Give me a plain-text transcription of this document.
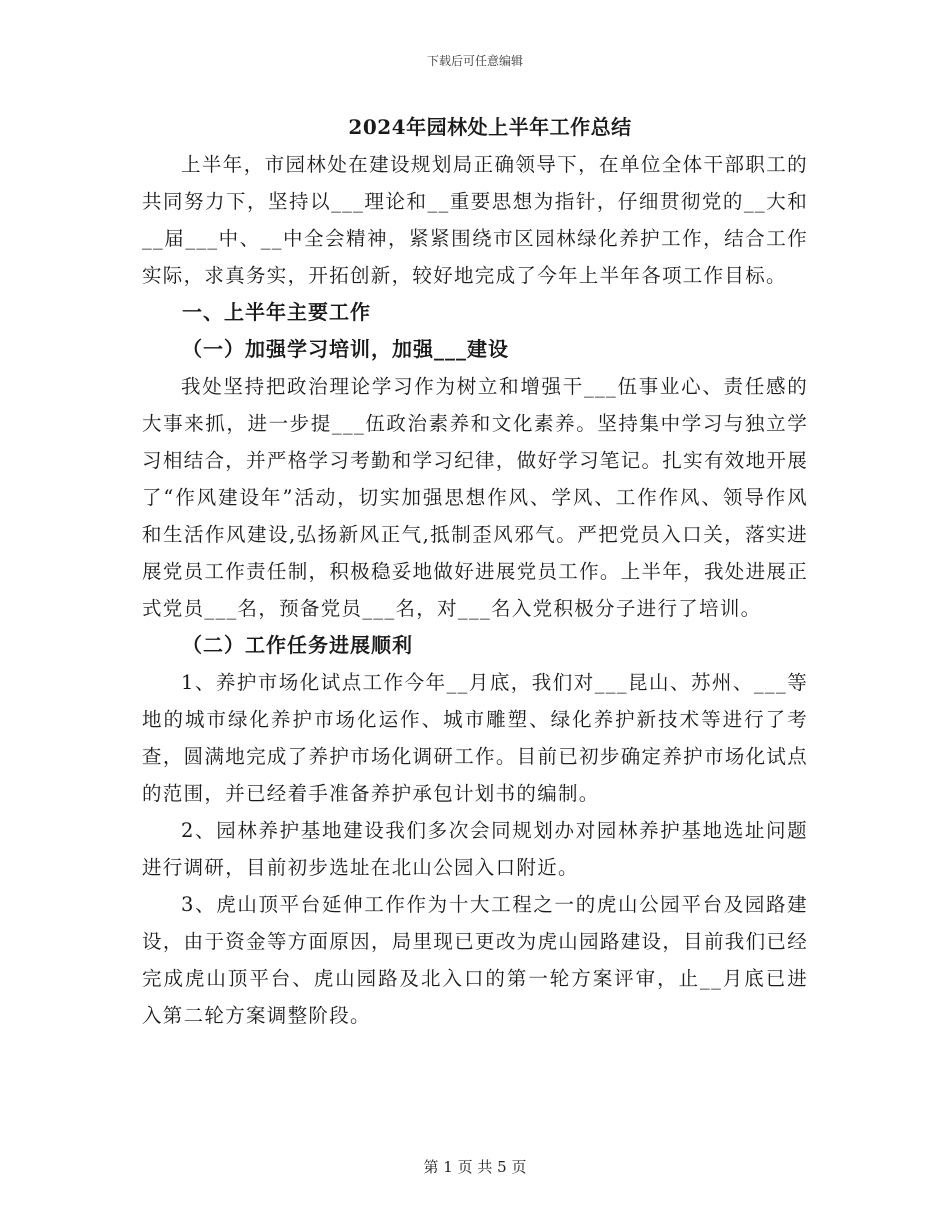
下载后可任意编辑
2024年园林处上半年工作总结

上半年，市园林处在建设规划局正确领导下，在单位全体干部职工的共同努力下，坚持以___理论和__重要思想为指针，仔细贯彻党的__大和__届___中、__中全会精神，紧紧围绕市区园林绿化养护工作，结合工作实际，求真务实，开拓创新，较好地完成了今年上半年各项工作目标。

一、上半年主要工作
（一）加强学习培训，加强___建设

我处坚持把政治理论学习作为树立和增强干___伍事业心、责任感的大事来抓，进一步提___伍政治素养和文化素养。坚持集中学习与独立学习相结合，并严格学习考勤和学习纪律，做好学习笔记。扎实有效地开展了“作风建设年”活动，切实加强思想作风、学风、工作作风、领导作风和生活作风建设,弘扬新风正气,抵制歪风邪气。严把党员入口关，落实进展党员工作责任制，积极稳妥地做好进展党员工作。上半年，我处进展正式党员___名，预备党员___名，对___名入党积极分子进行了培训。

（二）工作任务进展顺利

1、养护市场化试点工作今年__月底，我们对___昆山、苏州、___等地的城市绿化养护市场化运作、城市雕塑、绿化养护新技术等进行了考查，圆满地完成了养护市场化调研工作。目前已初步确定养护市场化试点的范围，并已经着手准备养护承包计划书的编制。

2、园林养护基地建设我们多次会同规划办对园林养护基地选址问题进行调研，目前初步选址在北山公园入口附近。

3、虎山顶平台延伸工作作为十大工程之一的虎山公园平台及园路建设，由于资金等方面原因，局里现已更改为虎山园路建设，目前我们已经完成虎山顶平台、虎山园路及北入口的第一轮方案评审，止__月底已进入第二轮方案调整阶段。

第 1 页 共 5 页
